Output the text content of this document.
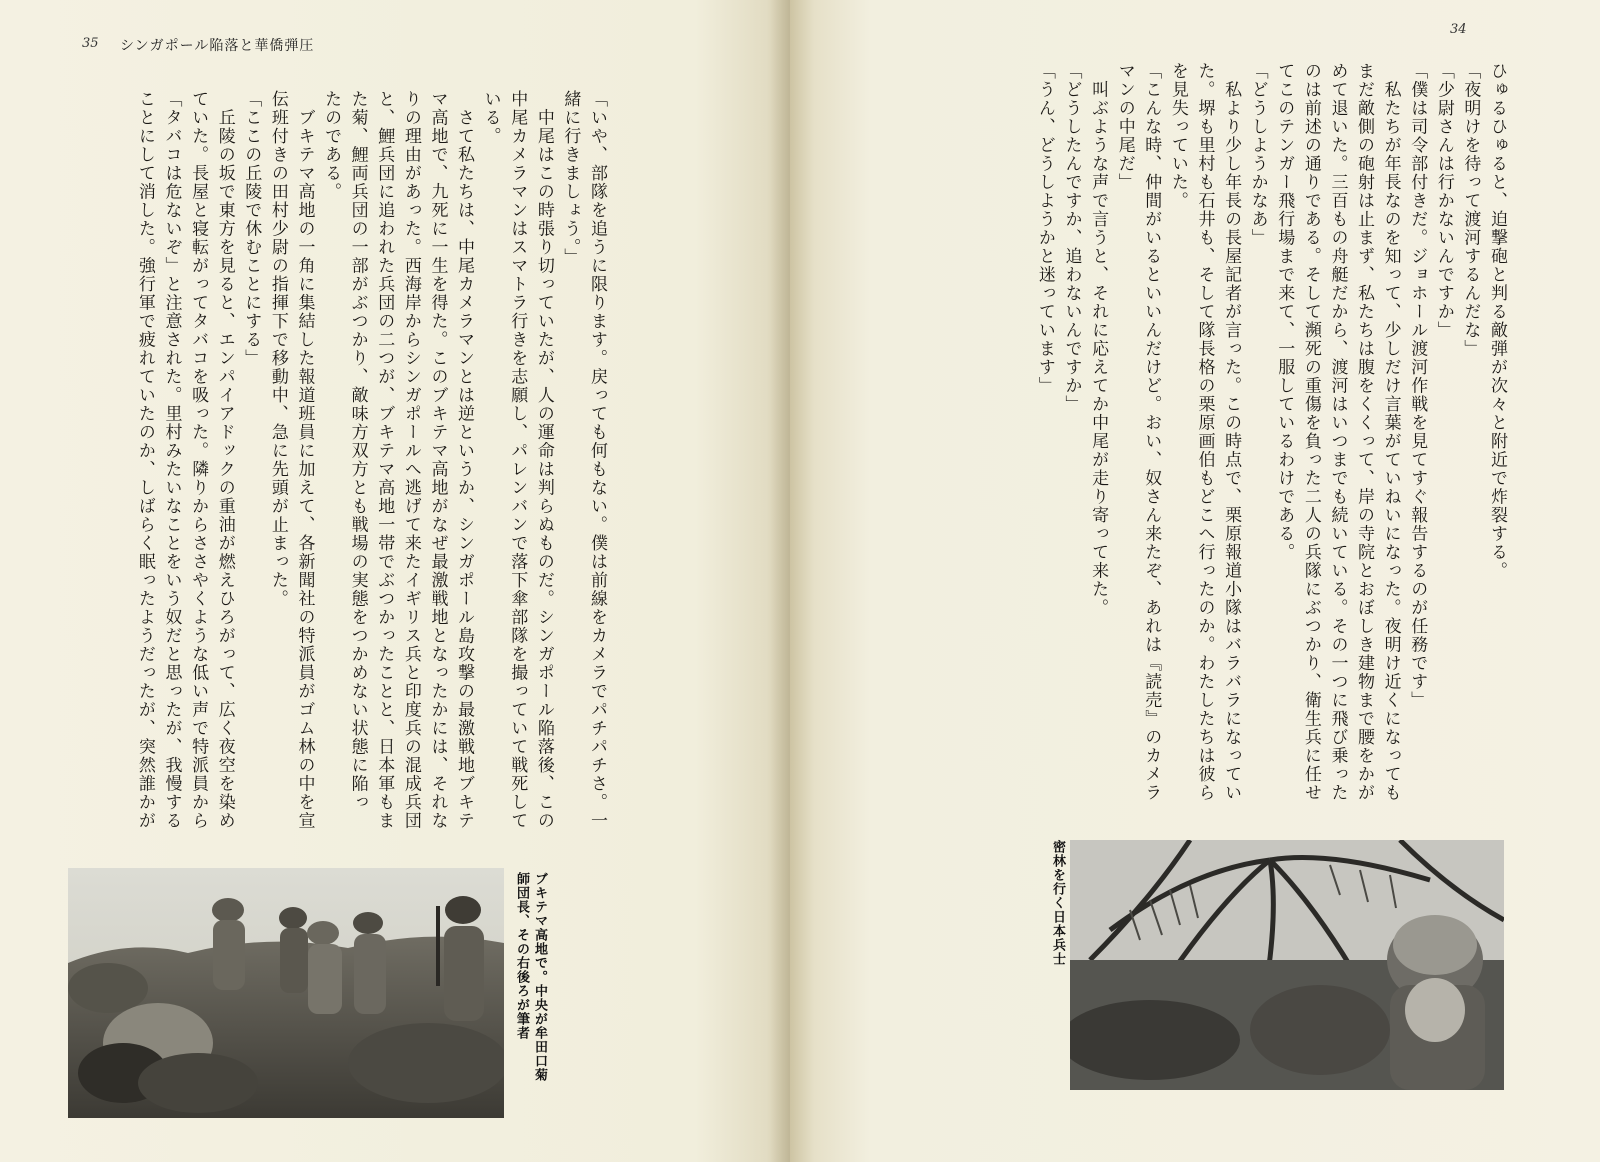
35 シンガポール陥落と華僑弾圧

「いや、部隊を追うに限ります。戻っても何もない。僕は前線をカメラでパチパチさ。一

緒に行きましょう。」

　中尾はこの時張り切っていたが、人の運命は判らぬものだ。シンガポール陥落後、この

中尾カメラマンはスマトラ行きを志願し、パレンバンで落下傘部隊を撮っていて戦死して

いる。

　さて私たちは、中尾カメラマンとは逆というか、シンガポール島攻撃の最激戦地ブキテ

マ高地で、九死に一生を得た。このブキテマ高地がなぜ最激戦地となったかには、それな

りの理由があった。西海岸からシンガポールへ逃げて来たイギリス兵と印度兵の混成兵団

と、鯉兵団に追われた兵団の二つが、ブキテマ高地一帯でぶつかったことと、日本軍もま

た菊、鯉両兵団の一部がぶつかり、敵味方双方とも戦場の実態をつかめない状態に陥っ

たのである。

　ブキテマ高地の一角に集結した報道班員に加えて、各新聞社の特派員がゴム林の中を宣

伝班付きの田村少尉の指揮下で移動中、急に先頭が止まった。

「ここの丘陵で休むことにする」

　丘陵の坂で東方を見ると、エンパイアドックの重油が燃えひろがって、広く夜空を染め

ていた。長屋と寝転がってタバコを吸った。隣りからささやくような低い声で特派員から

「タバコは危ないぞ」と注意された。里村みたいなことをいう奴だと思ったが、我慢する

ことにして消した。強行軍で疲れていたのか、しばらく眠ったようだったが、突然誰かが

ブキテマ高地で。中央が牟田口菊

師団長、その右後ろが筆者

34

ひゅるひゅると、迫撃砲と判る敵弾が次々と附近で炸裂する。

「夜明けを待って渡河するんだな」

「少尉さんは行かないんですか」

「僕は司令部付きだ。ジョホール渡河作戦を見てすぐ報告するのが任務です」

　私たちが年長なのを知って、少しだけ言葉がていねいになった。夜明け近くになっても

まだ敵側の砲射は止まず、私たちは腹をくくって、岸の寺院とおぼしき建物まで腰をかが

めて退いた。三百もの舟艇だから、渡河はいつまでも続いている。その一つに飛び乗った

のは前述の通りである。そして瀕死の重傷を負った二人の兵隊にぶつかり、衛生兵に任せ

てこのテンガー飛行場まで来て、一服しているわけである。

「どうしようかなあ」

　私より少し年長の長屋記者が言った。この時点で、栗原報道小隊はバラバラになってい

た。堺も里村も石井も、そして隊長格の栗原画伯もどこへ行ったのか。わたしたちは彼ら

を見失っていた。

「こんな時、仲間がいるといいんだけど。おい、奴さん来たぞ、あれは『読売』のカメラ

マンの中尾だ」

　叫ぶような声で言うと、それに応えてか中尾が走り寄って来た。

「どうしたんですか、追わないんですか」

「うん、どうしようかと迷っています」

密林を行く日本兵士
